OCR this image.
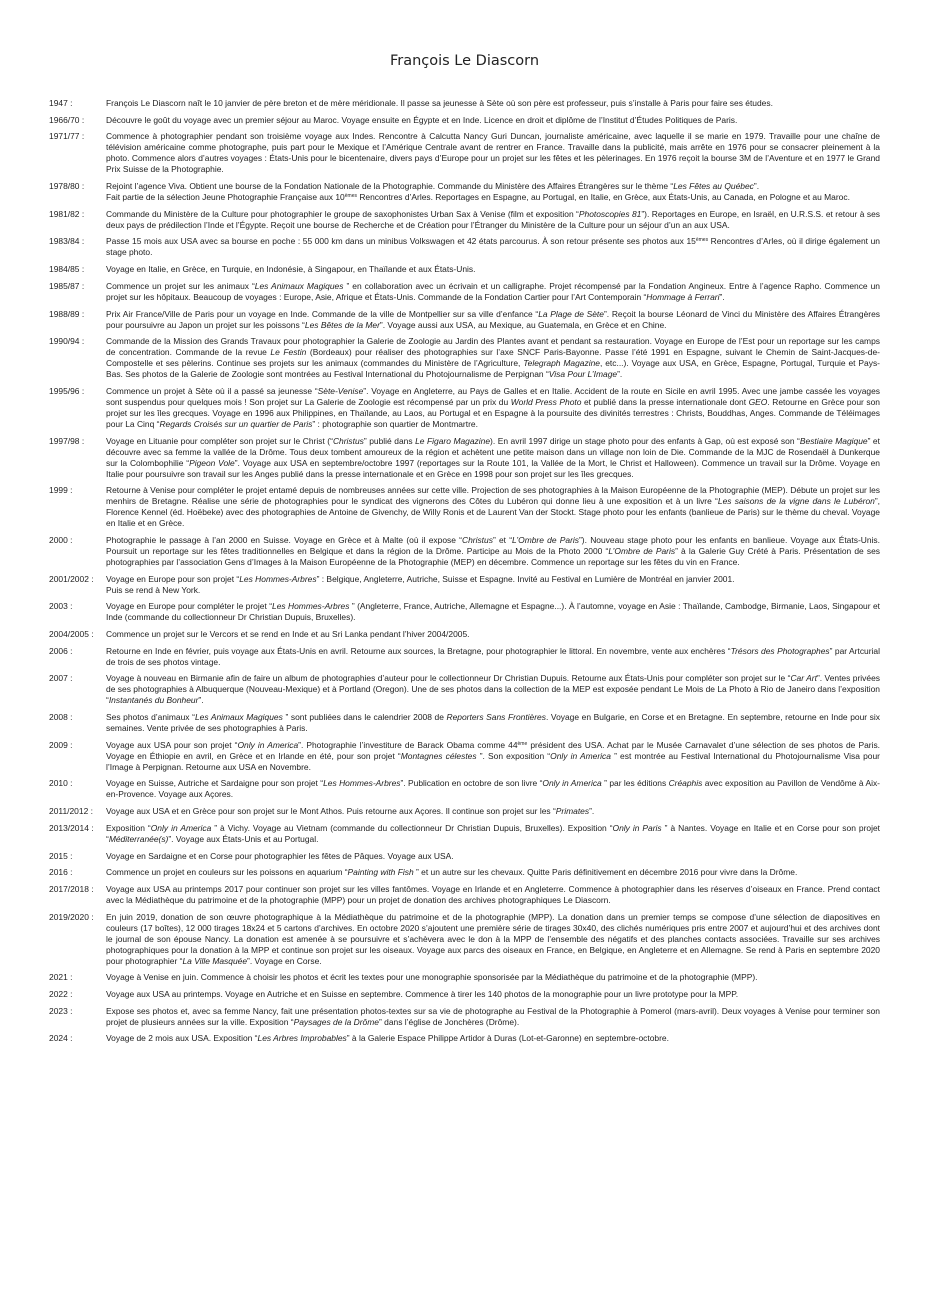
François Le Diascorn
1947 :	François Le Diascorn naît le 10 janvier de père breton et de mère méridionale. Il passe sa jeunesse à Sète où son père est professeur, puis s’installe à Paris pour faire ses études.
1966/70 :	Découvre le goût du voyage avec un premier séjour au Maroc. Voyage ensuite en Égypte et en Inde. Licence en droit et diplôme de l’Institut d’Études Politiques de Paris.
1971/77 :	Commence à photographier pendant son troisième voyage aux Indes. Rencontre à Calcutta Nancy Guri Duncan, journaliste américaine, avec laquelle il se marie en 1979. Travaille pour une chaîne de télévision américaine comme photographe, puis part pour le Mexique et l’Amérique Centrale avant de rentrer en France. Travaille dans la publicité, mais arrête en 1976 pour se consacrer pleinement à la photo. Commence alors d’autres voyages : États-Unis pour le bicentenaire, divers pays d’Europe pour un projet sur les fêtes et les pèlerinages. En 1976 reçoit la bourse 3M de l’Aventure et en 1977 le Grand Prix Suisse de la Photographie.
1978/80 :	Rejoint l’agence Viva. Obtient une bourse de la Fondation Nationale de la Photographie. Commande du Ministère des Affaires Étrangères sur le thème “Les Fêtes au Québec”.
Fait partie de la sélection Jeune Photographie Française aux 10èmes Rencontres d’Arles. Reportages en Espagne, au Portugal, en Italie, en Grèce, aux États-Unis, au Canada, en Pologne et au Maroc.
1981/82 :	Commande du Ministère de la Culture pour photographier le groupe de saxophonistes Urban Sax à Venise (film et exposition “Photoscopies 81”). Reportages en Europe, en Israël, en U.R.S.S. et retour à ses deux pays de prédilection l’Inde et l’Égypte. Reçoit une bourse de Recherche et de Création pour l’Étranger du Ministère de la Culture pour un séjour d’un an aux USA.
1983/84 :	Passe 15 mois aux USA avec sa bourse en poche : 55 000 km dans un minibus Volkswagen et 42 états parcourus. À son retour présente ses photos aux 15èmes Rencontres d’Arles, où il dirige également un stage photo.
1984/85 :	Voyage en Italie, en Grèce, en Turquie, en Indonésie, à Singapour, en Thaïlande et aux États-Unis.
1985/87 :	Commence un projet sur les animaux “Les Animaux Magiques ” en collaboration avec un écrivain et un calligraphe. Projet récompensé par la Fondation Angineux. Entre à l’agence Rapho. Commence un projet sur les hôpitaux. Beaucoup de voyages : Europe, Asie, Afrique et États-Unis. Commande de la Fondation Cartier pour l’Art Contemporain “Hommage à Ferrari”.
1988/89 :	Prix Air France/Ville de Paris pour un voyage en Inde. Commande de la ville de Montpellier sur sa ville d’enfance “La Plage de Sète”. Reçoit la bourse Léonard de Vinci du Ministère des Affaires Étrangères pour poursuivre au Japon un projet sur les poissons “Les Bêtes de la Mer”. Voyage aussi aux USA, au Mexique, au Guatemala, en Grèce et en Chine.
1990/94 :	Commande de la Mission des Grands Travaux pour photographier la Galerie de Zoologie au Jardin des Plantes avant et pendant sa restauration. Voyage en Europe de l’Est pour un reportage sur les camps de concentration. Commande de la revue Le Festin (Bordeaux) pour réaliser des photographies sur l’axe SNCF Paris-Bayonne. Passe l’été 1991 en Espagne, suivant le Chemin de Saint-Jacques-de-Compostelle et ses pèlerins. Continue ses projets sur les animaux (commandes du Ministère de l’Agriculture, Telegraph Magazine, etc...). Voyage aux USA, en Grèce, Espagne, Portugal, Turquie et Pays-Bas. Ses photos de la Galerie de Zoologie sont montrées au Festival International du Photojournalisme de Perpignan “Visa Pour L’Image”.
1995/96 :	Commence un projet à Sète où il a passé sa jeunesse “Sète-Venise”. Voyage en Angleterre, au Pays de Galles et en Italie. Accident de la route en Sicile en avril 1995. Avec une jambe cassée les voyages sont suspendus pour quelques mois ! Son projet sur La Galerie de Zoologie est récompensé par un prix du World Press Photo et publié dans la presse internationale dont GEO. Retourne en Grèce pour son projet sur les îles grecques. Voyage en 1996 aux Philippines, en Thaïlande, au Laos, au Portugal et en Espagne à la poursuite des divinités terrestres : Christs, Bouddhas, Anges. Commande de Téléimages pour La Cinq “Regards Croisés sur un quartier de Paris” : photographie son quartier de Montmartre.
1997/98 :	Voyage en Lituanie pour compléter son projet sur le Christ (“Christus” publié dans Le Figaro Magazine). En avril 1997 dirige un stage photo pour des enfants à Gap, où est exposé son “Bestiaire Magique” et découvre avec sa femme la vallée de la Drôme. Tous deux tombent amoureux de la région et achètent une petite maison dans un village non loin de Die. Commande de la MJC de Rosendaël à Dunkerque sur la Colombophilie “Pigeon Vole”. Voyage aux USA en septembre/octobre 1997 (reportages sur la Route 101, la Vallée de la Mort, le Christ et Halloween). Commence un travail sur la Drôme. Voyage en Italie pour poursuivre son travail sur les Anges publié dans la presse internationale et en Grèce en 1998 pour son projet sur les îles grecques.
1999 :	Retourne à Venise pour compléter le projet entamé depuis de nombreuses années sur cette ville. Projection de ses photographies à la Maison Européenne de la Photographie (MEP). Débute un projet sur les menhirs de Bretagne. Réalise une série de photographies pour le syndicat des vignerons des Côtes du Lubéron qui donne lieu à une exposition et à un livre “Les saisons de la vigne dans le Lubéron”, Florence Kennel (éd. Hoëbeke) avec des photographies de Antoine de Givenchy, de Willy Ronis et de Laurent Van der Stockt. Stage photo pour les enfants (banlieue de Paris) sur le thème du cheval. Voyage en Italie et en Grèce.
2000 :	Photographie le passage à l’an 2000 en Suisse. Voyage en Grèce et à Malte (où il expose “Christus” et “L’Ombre de Paris”). Nouveau stage photo pour les enfants en banlieue. Voyage aux États-Unis. Poursuit un reportage sur les fêtes traditionnelles en Belgique et dans la région de la Drôme. Participe au Mois de la Photo 2000 “L’Ombre de Paris” à la Galerie Guy Crété à Paris. Présentation de ses photographies par l’association Gens d’Images à la Maison Européenne de la Photographie (MEP) en décembre. Commence un reportage sur les fêtes du vin en France.
2001/2002 :	Voyage en Europe pour son projet “Les Hommes-Arbres” : Belgique, Angleterre, Autriche, Suisse et Espagne. Invité au Festival en Lumière de Montréal en janvier 2001.
Puis se rend à New York.
2003 :	Voyage en Europe pour compléter le projet “Les Hommes-Arbres ” (Angleterre, France, Autriche, Allemagne et Espagne...). À l’automne, voyage en Asie : Thaïlande, Cambodge, Birmanie, Laos, Singapour et Inde (commande du collectionneur Dr Christian Dupuis, Bruxelles).
2004/2005 :	Commence un projet sur le Vercors et se rend en Inde et au Sri Lanka pendant l’hiver 2004/2005.
2006 :	Retourne en Inde en février, puis voyage aux États-Unis en avril. Retourne aux sources, la Bretagne, pour photographier le littoral. En novembre, vente aux enchères “Trésors des Photographes” par Artcurial de trois de ses photos vintage.
2007 :	Voyage à nouveau en Birmanie afin de faire un album de photographies d’auteur pour le collectionneur Dr Christian Dupuis. Retourne aux États-Unis pour compléter son projet sur le “Car Art”. Ventes privées de ses photographies à Albuquerque (Nouveau-Mexique) et à Portland (Oregon). Une de ses photos dans la collection de la MEP est exposée pendant Le Mois de La Photo à Rio de Janeiro dans l’exposition “Instantanés du Bonheur”.
2008 :	Ses photos d’animaux “Les Animaux Magiques ” sont publiées dans le calendrier 2008 de Reporters Sans Frontières. Voyage en Bulgarie, en Corse et en Bretagne. En septembre, retourne en Inde pour six semaines. Vente privée de ses photographies à Paris.
2009 :	Voyage aux USA pour son projet “Only in America”. Photographie l’investiture de Barack Obama comme 44ème président des USA. Achat par le Musée Carnavalet d’une sélection de ses photos de Paris. Voyage en Éthiopie en avril, en Grèce et en Irlande en été, pour son projet “Montagnes célestes ”. Son exposition “Only in America ” est montrée au Festival International du Photojournalisme Visa pour l’Image à Perpignan. Retourne aux USA en Novembre.
2010 :	Voyage en Suisse, Autriche et Sardaigne pour son projet “Les Hommes-Arbres”. Publication en octobre de son livre “Only in America ” par les éditions Créaphis avec exposition au Pavillon de Vendôme à Aix-en-Provence. Voyage aux Açores.
2011/2012 :	Voyage aux USA et en Grèce pour son projet sur le Mont Athos. Puis retourne aux Açores. Il continue son projet sur les “Primates”.
2013/2014 :	Exposition “Only in America ” à Vichy. Voyage au Vietnam (commande du collectionneur Dr Christian Dupuis, Bruxelles). Exposition “Only in Paris ” à Nantes. Voyage en Italie et en Corse pour son projet “Méditerranée(s)”. Voyage aux États-Unis et au Portugal.
2015 :	Voyage en Sardaigne et en Corse pour photographier les fêtes de Pâques. Voyage aux USA.
2016 :	Commence un projet en couleurs sur les poissons en aquarium “Painting with Fish ” et un autre sur les chevaux. Quitte Paris définitivement en décembre 2016 pour vivre dans la Drôme.
2017/2018 :	Voyage aux USA au printemps 2017 pour continuer son projet sur les villes fantômes. Voyage en Irlande et en Angleterre. Commence à photographier dans les réserves d’oiseaux en France. Prend contact avec la Médiathèque du patrimoine et de la photographie (MPP) pour un projet de donation des archives photographiques Le Diascorn.
2019/2020 :	En juin 2019, donation de son œuvre photographique à la Médiathèque du patrimoine et de la photographie (MPP). La donation dans un premier temps se compose d’une sélection de diapositives en couleurs (17 boîtes), 12 000 tirages 18x24 et 5 cartons d’archives. En octobre 2020 s’ajoutent une première série de tirages 30x40, des clichés numériques pris entre 2007 et aujourd’hui et des archives dont le journal de son épouse Nancy. La donation est amenée à se poursuivre et s’achèvera avec le don à la MPP de l’ensemble des négatifs et des planches contacts associées. Travaille sur ses archives photographiques pour la donation à la MPP et continue son projet sur les oiseaux. Voyage aux parcs des oiseaux en France, en Belgique, en Angleterre et en Allemagne. Se rend à Paris en septembre 2020 pour photographier “La Ville Masquée”. Voyage en Corse.
2021 :	Voyage à Venise en juin. Commence à choisir les photos et écrit les textes pour une monographie sponsorisée par la Médiathèque du patrimoine et de la photographie (MPP).
2022 :	Voyage aux USA au printemps. Voyage en Autriche et en Suisse en septembre. Commence à tirer les 140 photos de la monographie pour un livre prototype pour la MPP.
2023 :	Expose ses photos et, avec sa femme Nancy, fait une présentation photos-textes sur sa vie de photographe au Festival de la Photographie à Pomerol (mars-avril). Deux voyages à Venise pour terminer son projet de plusieurs années sur la ville. Exposition “Paysages de la Drôme” dans l’église de Jonchères (Drôme).
2024 :	Voyage de 2 mois aux USA. Exposition “Les Arbres Improbables” à la Galerie Espace Philippe Artidor à Duras (Lot-et-Garonne) en septembre-octobre.
